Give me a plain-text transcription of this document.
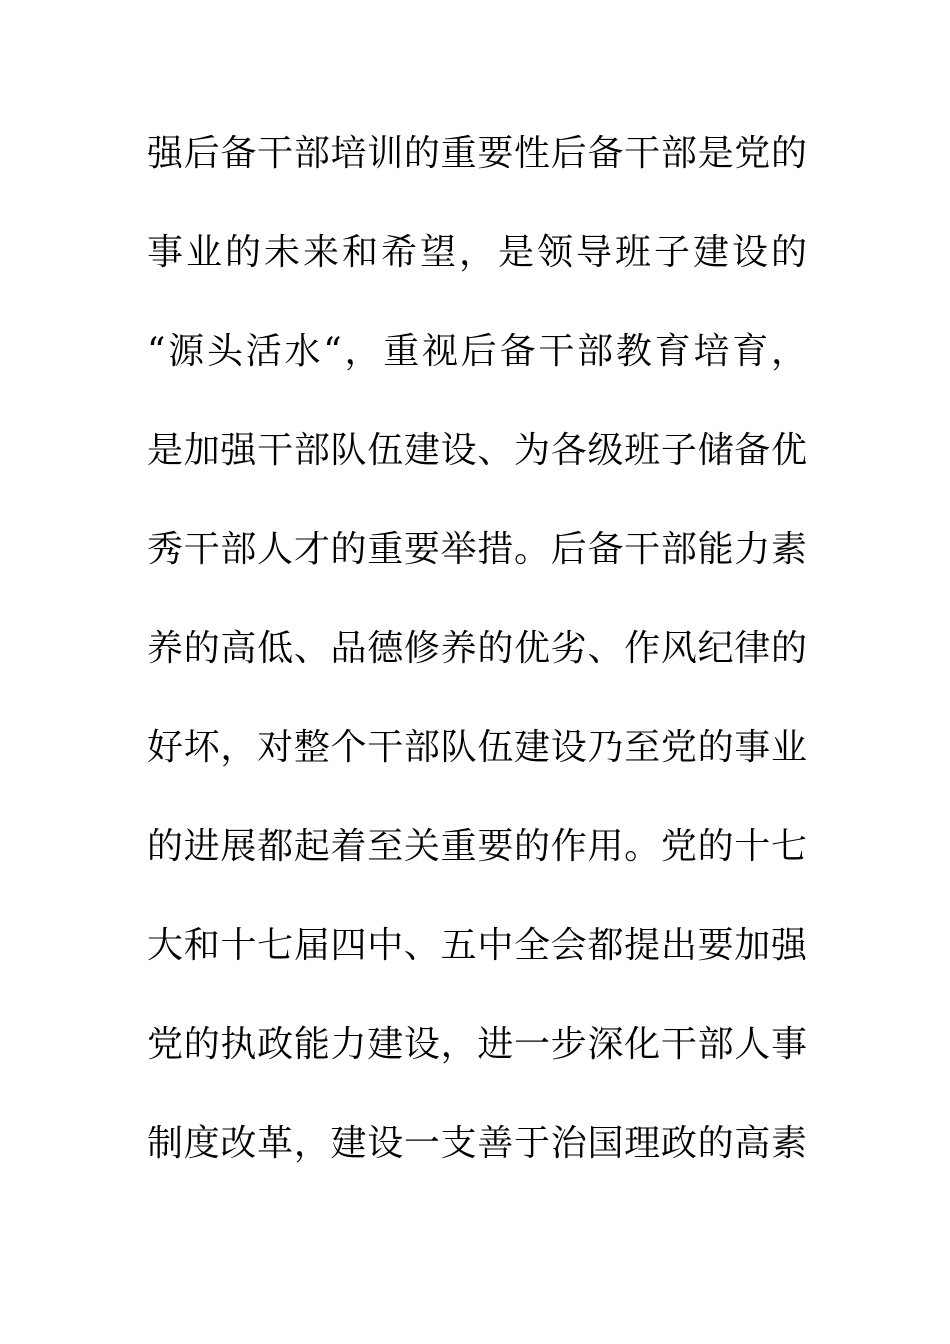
强后备干部培训的重要性后备干部是党的
事业的未来和希望，是领导班子建设的
“源头活水“，重视后备干部教育培育，
是加强干部队伍建设、为各级班子储备优
秀干部人才的重要举措。后备干部能力素
养的高低、品德修养的优劣、作风纪律的
好坏，对整个干部队伍建设乃至党的事业
的进展都起着至关重要的作用。党的十七
大和十七届四中、五中全会都提出要加强
党的执政能力建设，进一步深化干部人事
制度改革，建设一支善于治国理政的高素
